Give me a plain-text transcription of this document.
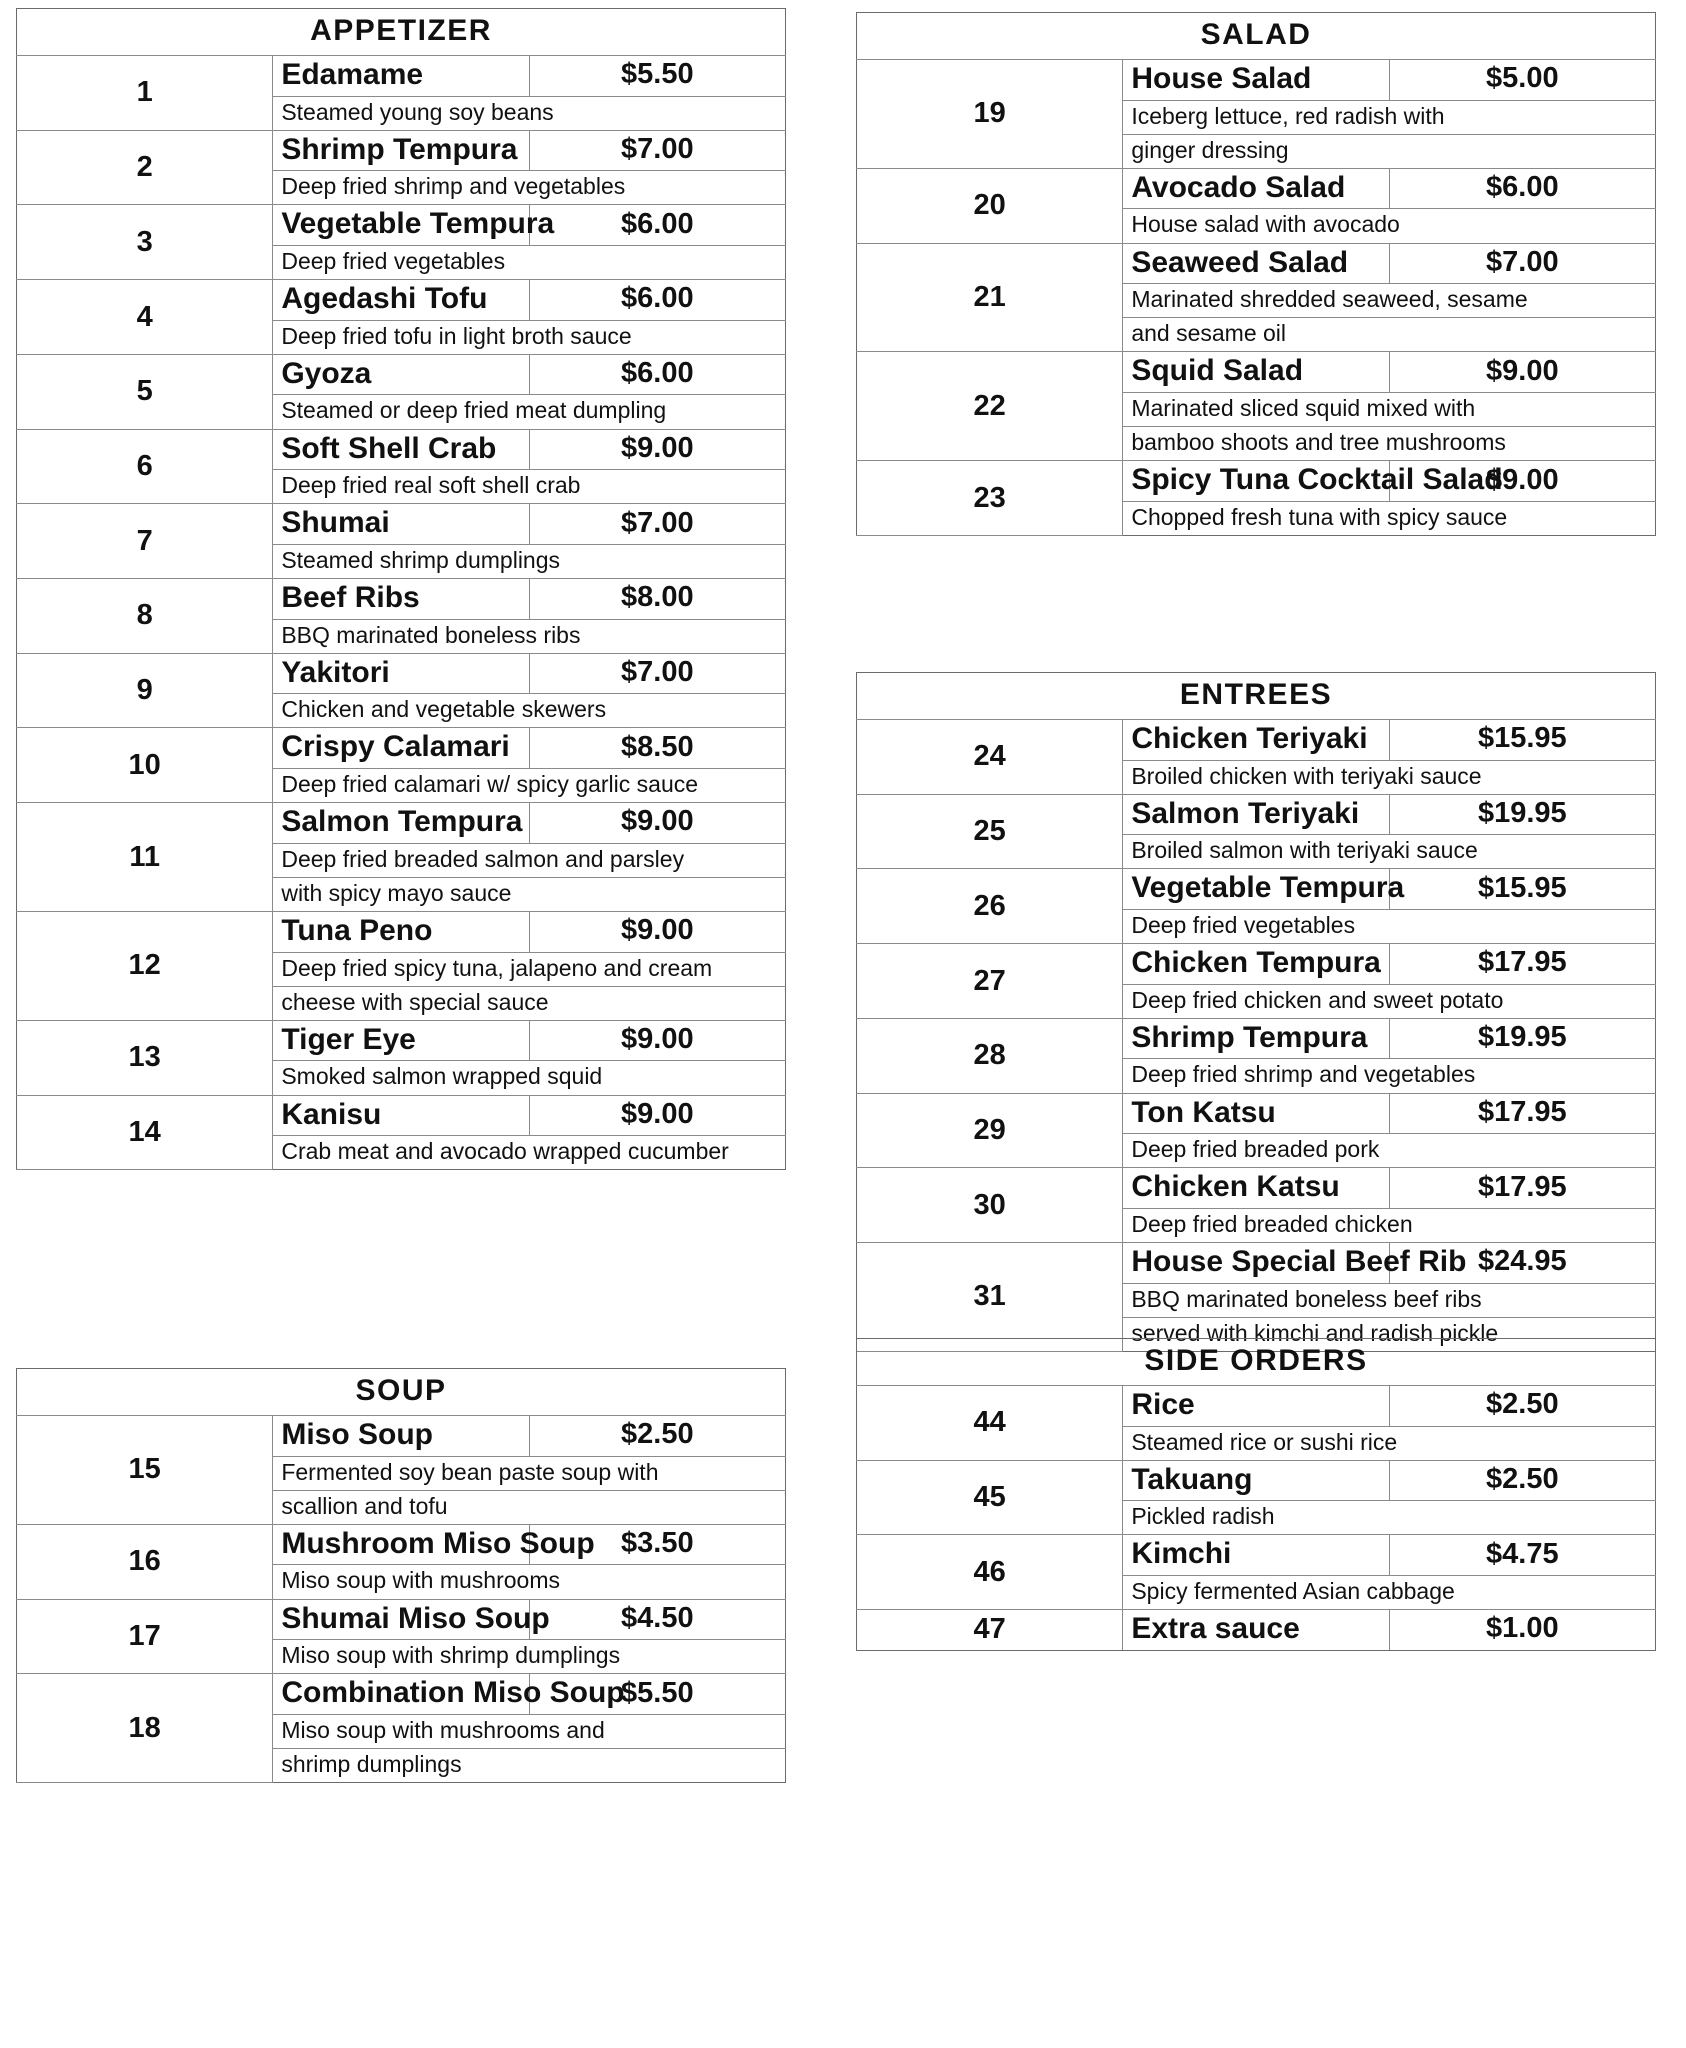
APPETIZER		
1	Edamame	$5.50
	Steamed young soy beans	
2	Shrimp Tempura	$7.00
	Deep fried shrimp and vegetables	
3	Vegetable Tempura	$6.00
	Deep fried vegetables	
4	Agedashi Tofu	$6.00
	Deep fried tofu in light broth sauce	
5	Gyoza	$6.00
	Steamed or deep fried meat dumpling	
6	Soft Shell Crab	$9.00
	Deep fried real soft shell crab	
7	Shumai	$7.00
	Steamed shrimp dumplings	
8	Beef Ribs	$8.00
	BBQ marinated boneless ribs	
9	Yakitori	$7.00
	Chicken and vegetable skewers	
10	Crispy Calamari	$8.50
	Deep fried calamari w/ spicy garlic sauce	
11	Salmon Tempura	$9.00
	Deep fried breaded salmon and parsley	
	with spicy mayo sauce	
12	Tuna Peno	$9.00
	Deep fried spicy tuna, jalapeno and cream	
	cheese with special sauce	
13	Tiger Eye	$9.00
	Smoked salmon wrapped squid	
14	Kanisu	$9.00
	Crab meat and avocado wrapped cucumber	
SOUP		
15	Miso Soup	$2.50
	Fermented soy bean paste soup with	
	scallion and tofu	
16	Mushroom Miso Soup	$3.50
	Miso soup with mushrooms	
17	Shumai Miso Soup	$4.50
	Miso soup with shrimp dumplings	
18	Combination Miso Soup	$5.50
	Miso soup with mushrooms and	
	shrimp dumplings	
SALAD		
19	House Salad	$5.00
	Iceberg lettuce, red radish with	
	ginger dressing	
20	Avocado Salad	$6.00
	House salad with avocado	
21	Seaweed Salad	$7.00
	Marinated shredded seaweed, sesame	
	and sesame oil	
22	Squid Salad	$9.00
	Marinated sliced squid mixed with	
	bamboo shoots and tree mushrooms	
23	Spicy Tuna Cocktail Salad	$9.00
	Chopped fresh tuna with spicy sauce	
ENTREES		
24	Chicken Teriyaki	$15.95
	Broiled chicken with teriyaki sauce	
25	Salmon Teriyaki	$19.95
	Broiled salmon with teriyaki sauce	
26	Vegetable Tempura	$15.95
	Deep fried vegetables	
27	Chicken Tempura	$17.95
	Deep fried chicken and sweet potato	
28	Shrimp Tempura	$19.95
	Deep fried shrimp and vegetables	
29	Ton Katsu	$17.95
	Deep fried breaded pork	
30	Chicken Katsu	$17.95
	Deep fried breaded chicken	
31	House Special Beef Rib	$24.95
	BBQ marinated boneless beef ribs	
	served with kimchi and radish pickle	
SIDE ORDERS		
44	Rice	$2.50
	Steamed rice or sushi rice	
45	Takuang	$2.50
	Pickled radish	
46	Kimchi	$4.75
	Spicy fermented Asian cabbage	
47	Extra sauce	$1.00
